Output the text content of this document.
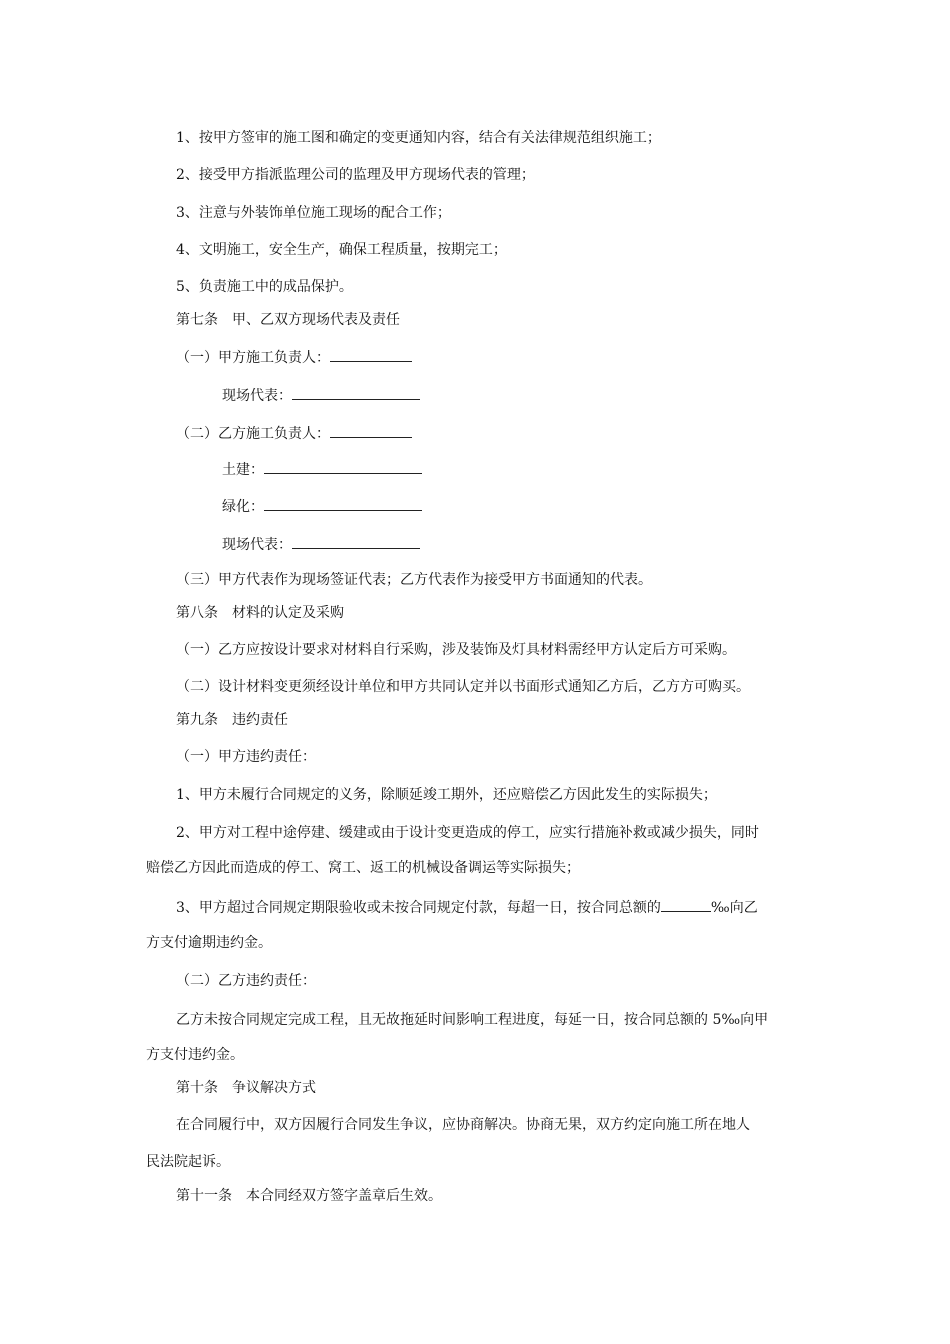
1、按甲方签审的施工图和确定的变更通知内容，结合有关法律规范组织施工；
2、接受甲方指派监理公司的监理及甲方现场代表的管理；
3、注意与外装饰单位施工现场的配合工作；
4、文明施工，安全生产，确保工程质量，按期完工；
5、负责施工中的成品保护。
第七条　甲、乙双方现场代表及责任
（一）甲方施工负责人：
现场代表：
（二）乙方施工负责人：
土建：
绿化：
现场代表：
（三）甲方代表作为现场签证代表；乙方代表作为接受甲方书面通知的代表。
第八条　材料的认定及采购
（一）乙方应按设计要求对材料自行采购，涉及装饰及灯具材料需经甲方认定后方可采购。
（二）设计材料变更须经设计单位和甲方共同认定并以书面形式通知乙方后，乙方方可购买。
第九条　违约责任
（一）甲方违约责任：
1、甲方未履行合同规定的义务，除顺延竣工期外，还应赔偿乙方因此发生的实际损失；
2、甲方对工程中途停建、缓建或由于设计变更造成的停工，应实行措施补救或减少损失，同时
赔偿乙方因此而造成的停工、窝工、返工的机械设备调运等实际损失；
3、甲方超过合同规定期限验收或未按合同规定付款，每超一日，按合同总额的	‰向乙
方支付逾期违约金。
（二）乙方违约责任：
乙方未按合同规定完成工程，且无故拖延时间影响工程进度，每延一日，按合同总额的 5‰向甲
方支付违约金。
第十条　争议解决方式
在合同履行中，双方因履行合同发生争议，应协商解决。协商无果，双方约定向施工所在地人
民法院起诉。
第十一条　本合同经双方签字盖章后生效。
